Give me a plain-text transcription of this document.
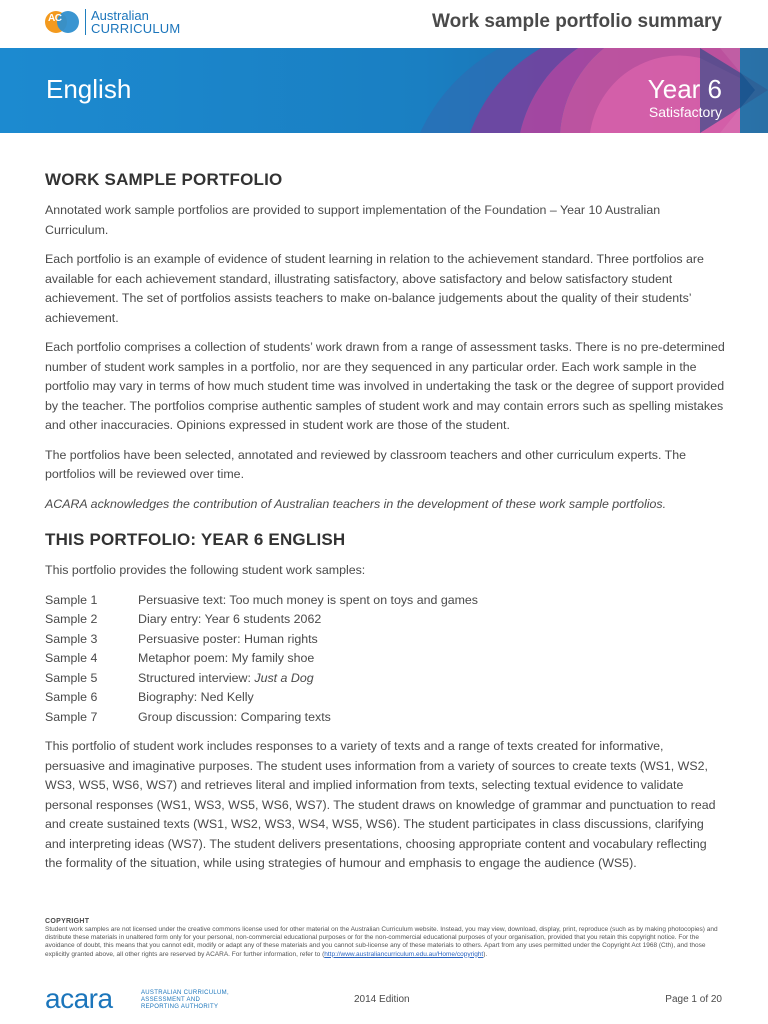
Australian
CURRICULUM
AC	Work sample portfolio summary
English	Year 6
Satisfactory
WORK SAMPLE PORTFOLIO

Annotated work sample portfolios are provided to support implementation of the Foundation – Year 10 Australian Curriculum.

Each portfolio is an example of evidence of student learning in relation to the achievement standard. Three portfolios are available for each achievement standard, illustrating satisfactory, above satisfactory and below satisfactory student achievement. The set of portfolios assists teachers to make on-balance judgements about the quality of their students’ achievement.

Each portfolio comprises a collection of students’ work drawn from a range of assessment tasks. There is no pre-determined number of student work samples in a portfolio, nor are they sequenced in any particular order. Each work sample in the portfolio may vary in terms of how much student time was involved in undertaking the task or the degree of support provided by the teacher. The portfolios comprise authentic samples of student work and may contain errors such as spelling mistakes and other inaccuracies. Opinions expressed in student work are those of the student.

The portfolios have been selected, annotated and reviewed by classroom teachers and other curriculum experts. The portfolios will be reviewed over time.

ACARA acknowledges the contribution of Australian teachers in the development of these work sample portfolios.

THIS PORTFOLIO: YEAR 6 ENGLISH

This portfolio provides the following student work samples:

Sample 1	Persuasive text: Too much money is spent on toys and games
Sample 2	Diary entry: Year 6 students 2062
Sample 3	Persuasive poster: Human rights
Sample 4	Metaphor poem: My family shoe
Sample 5	Structured interview: Just a Dog
Sample 6	Biography: Ned Kelly
Sample 7	Group discussion: Comparing texts

This portfolio of student work includes responses to a variety of texts and a range of texts created for informative, persuasive and imaginative purposes. The student uses information from a variety of sources to create texts (WS1, WS2, WS3, WS5, WS6, WS7) and retrieves literal and implied information from texts, selecting textual evidence to validate personal responses (WS1, WS3, WS5, WS6, WS7). The student draws on knowledge of grammar and punctuation to read and create sustained texts (WS1, WS2, WS3, WS4, WS5, WS6). The student participates in class discussions, clarifying and interpreting ideas (WS7). The student delivers presentations, choosing appropriate content and vocabulary reflecting the formality of the situation, while using strategies of humour and emphasis to engage the audience (WS5).

COPYRIGHT
Student work samples are not licensed under the creative commons license used for other material on the Australian Curriculum website. Instead, you may view, download, display, print, reproduce (such as by making photocopies) and distribute these materials in unaltered form only for your personal, non-commercial educational purposes or for the non-commercial educational purposes of your organisation, provided that you retain this copyright notice. For the avoidance of doubt, this means that you cannot edit, modify or adapt any of these materials and you cannot sub-license any of these materials to others. Apart from any uses permitted under the Copyright Act 1968 (Cth), and those explicitly granted above, all other rights are reserved by ACARA. For further information, refer to (http://www.australiancurriculum.edu.au/Home/copyright).
acara	AUSTRALIAN CURRICULUM,
ASSESSMENT AND
REPORTING AUTHORITY
2014 Edition	Page 1 of 20
